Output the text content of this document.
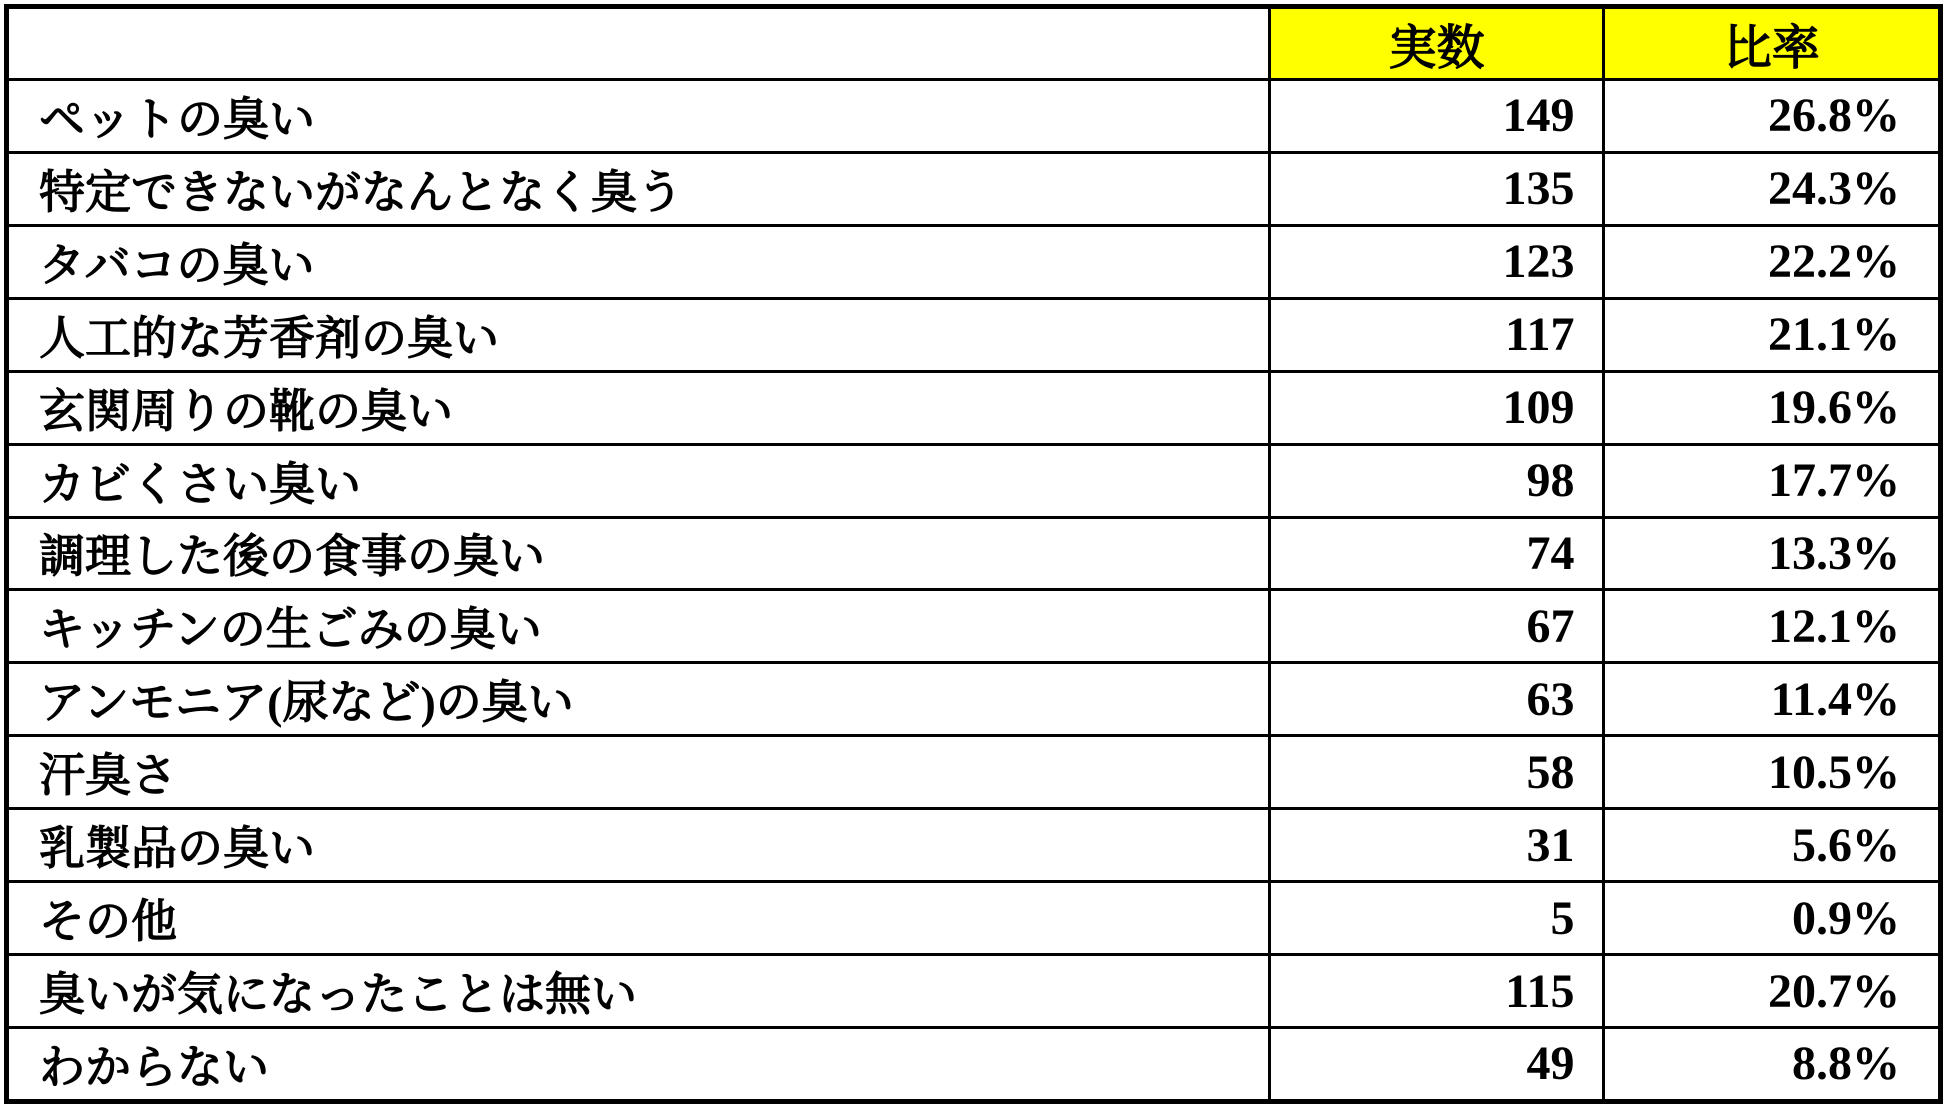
	実数	比率
ペットの臭い	149	26.8%
特定できないがなんとなく臭う	135	24.3%
タバコの臭い	123	22.2%
人工的な芳香剤の臭い	117	21.1%
玄関周りの靴の臭い	109	19.6%
カビくさい臭い	98	17.7%
調理した後の食事の臭い	74	13.3%
キッチンの生ごみの臭い	67	12.1%
アンモニア(尿など)の臭い	63	11.4%
汗臭さ	58	10.5%
乳製品の臭い	31	5.6%
その他	5	0.9%
臭いが気になったことは無い	115	20.7%
わからない	49	8.8%
